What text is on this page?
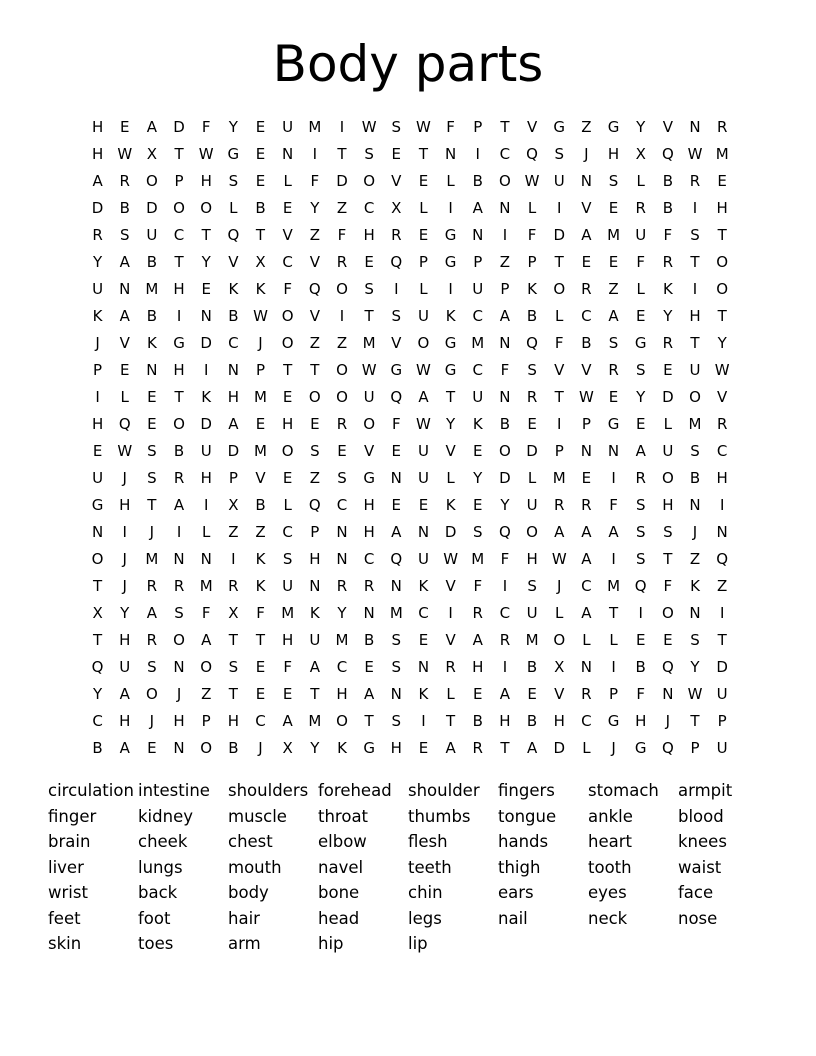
Body parts
H	E	A	D	F	Y	E	U	M	I	W S W	F	P	T	V	G	Z	G	Y	V	N	R
H W X	T	W G	E	N	I	T	S	E	T	N	I	C	Q	S	J	H	X	Q W M
A	R	O	P	H	S	E	L	F	D	O	V	E	L	B	O W U	N	S	L	B	R	E
D	B	D	O	O	L	B	E	Y	Z	C	X	L	I	A	N	L	I	V	E	R	B	I	H
R	S	U	C	T	Q	T	V	Z	F	H	R	E	G	N	I	F	D	A	M	U	F	S	T
Y	A	B	T	Y	V	X	C	V	R	E	Q	P	G	P	Z	P	T	E	E	F	R	T	O
U	N	M	H	E	K	K	F	Q	O	S	I	L	I	U	P	K	O	R	Z	L	K	I	O
K	A	B	I	N	B W O	V	I	T	S	U	K	C	A	B	L	C	A	E	Y	H	T
J	V	K	G	D	C	J	O	Z	Z	M	V	O	G M	N	Q	F	B	S	G	R	T	Y
P	E	N	H	I	N	P	T	T	O W G W G	C	F	S	V	V	R	S	E	U W
I	L	E	T	K	H	M	E	O	O	U	Q	A	T	U	N	R	T	W E	Y	D	O	V
H	Q	E	O	D	A	E	H	E	R	O	F	W	Y	K	B	E	I	P	G	E	L	M	R
E	W S	B	U	D M O	S	E	V	E	U	V	E	O	D	P	N	N	A	U	S	C
U	J	S	R	H	P	V	E	Z	S	G	N	U	L	Y	D	L	M	E	I	R	O	B	H
G	H	T	A	I	X	B	L	Q	C	H	E	E	K	E	Y	U	R	R	F	S	H	N	I
N	I	J	I	L	Z	Z	C	P	N	H	A	N	D	S	Q	O	A	A	A	S	S	J	N
O	J	M	N	N	I	K	S	H	N	C	Q	U W M	F	H W A	I	S	T	Z	Q
T	J	R	R	M	R	K	U	N	R	R	N	K	V	F	I	S	J	C	M Q	F	K	Z
X	Y	A	S	F	X	F	M	K	Y	N	M	C	I	R	C	U	L	A	T	I	O	N	I
T	H	R	O	A	T	T	H	U	M	B	S	E	V	A	R	M O	L	L	E	E	S	T
Q	U	S	N	O	S	E	F	A	C	E	S	N	R	H	I	B	X	N	I	B	Q	Y	D
Y	A	O	J	Z	T	E	E	T	H	A	N	K	L	E	A	E	V	R	P	F	N W U
C	H	J	H	P	H	C	A	M O	T	S	I	T	B	H	B	H	C	G	H	J	T	P
B	A	E	N	O	B	J	X	Y	K	G	H	E	A	R	T	A	D	L	J	G	Q	P	U
circulation intestine	shoulders forehead shoulder	fingers	stomach	armpit
finger	kidney	muscle	throat	thumbs	tongue	ankle	blood
brain	cheek	chest	elbow	flesh	hands	heart	knees
liver	lungs	mouth	navel	teeth	thigh	tooth	waist
wrist	back	body	bone	chin	ears	eyes	face
feet	foot	hair	head	legs	nail	neck	nose
skin	toes	arm	hip	lip
